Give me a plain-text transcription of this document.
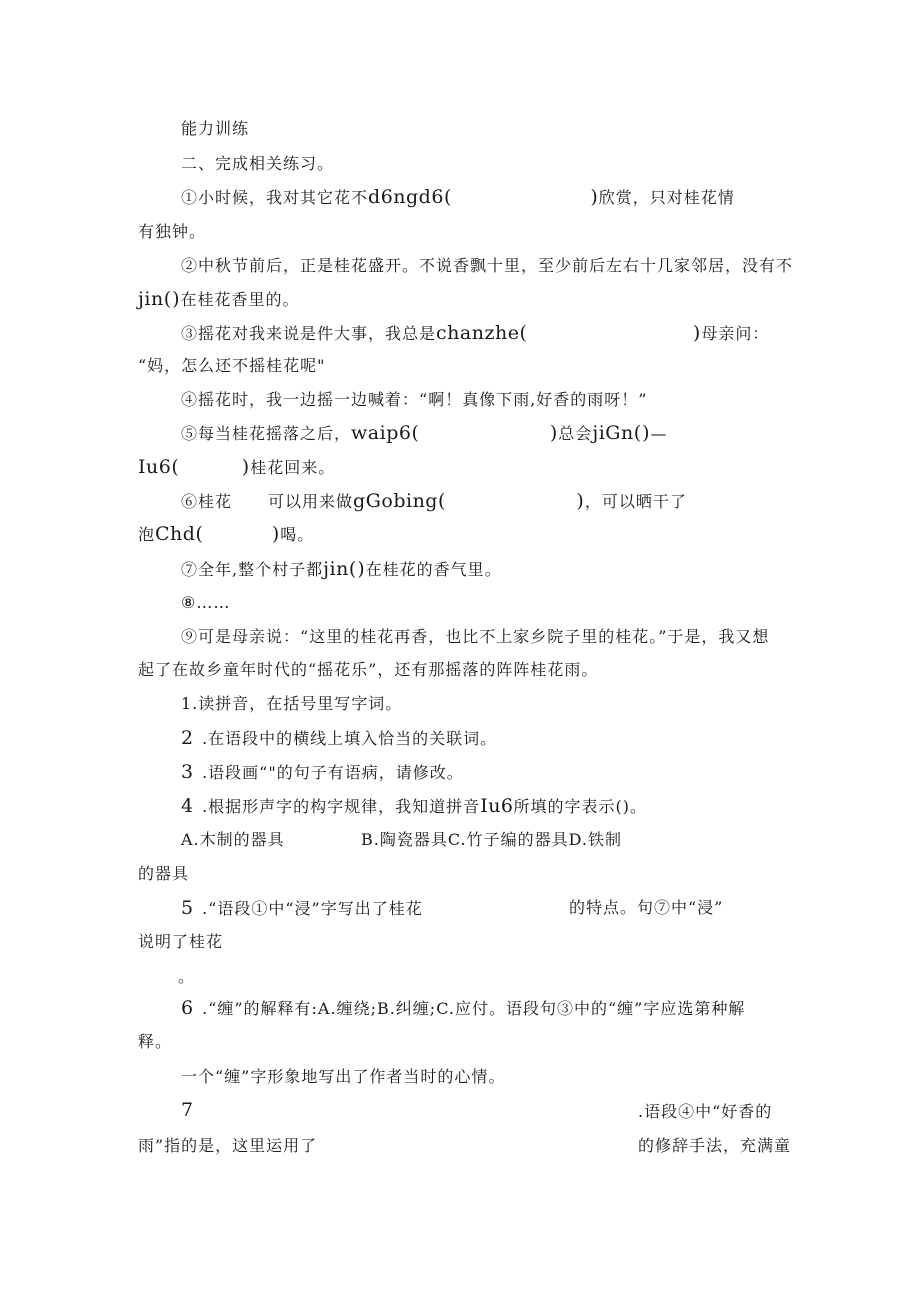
能力训练
二、完成相关练习。
①小时候，我对其它花不d6ngd6(	)欣赏，只对桂花情
有独钟。
②中秋节前后，正是桂花盛开。不说香飘十里，至少前后左右十几家邻居，没有不
jin()在桂花香里的。
③摇花对我来说是件大事，我总是chanzhe(	)母亲问：
“妈，怎么还不摇桂花呢"
④摇花时，我一边摇一边喊着：“啊！真像下雨,好香的雨呀！”
⑤每当桂花摇落之后，waip6(	)总会jiGn()—
Iu6(	)桂花回来。
⑥桂花 可以用来做gGobing(	)，可以晒干了
泡Chd(	)喝。
⑦全年,整个村子都jin()在桂花的香气里。
⑧……
⑨可是母亲说：“这里的桂花再香，也比不上家乡院子里的桂花。”于是，我又想
起了在故乡童年时代的“摇花乐”，还有那摇落的阵阵桂花雨。
1.读拼音，在括号里写字词。
2 .在语段中的横线上填入恰当的关联词。
3 .语段画“"的句子有语病，请修改。
4 .根据形声字的构字规律，我知道拼音Iu6所填的字表示()。
A.木制的器具	B.陶瓷器具C.竹子编的器具D.铁制
的器具
5 .“语段①中“浸”字写出了桂花	的特点。句⑦中“浸”
说明了桂花
。
6 .“缠”的解释有:A.缠绕;B.纠缠;C.应付。语段句③中的“缠”字应选第种解
释。
一个“缠”字形象地写出了作者当时的心情。
7	.语段④中“好香的
雨”指的是，这里运用了	的修辞手法，充满童
